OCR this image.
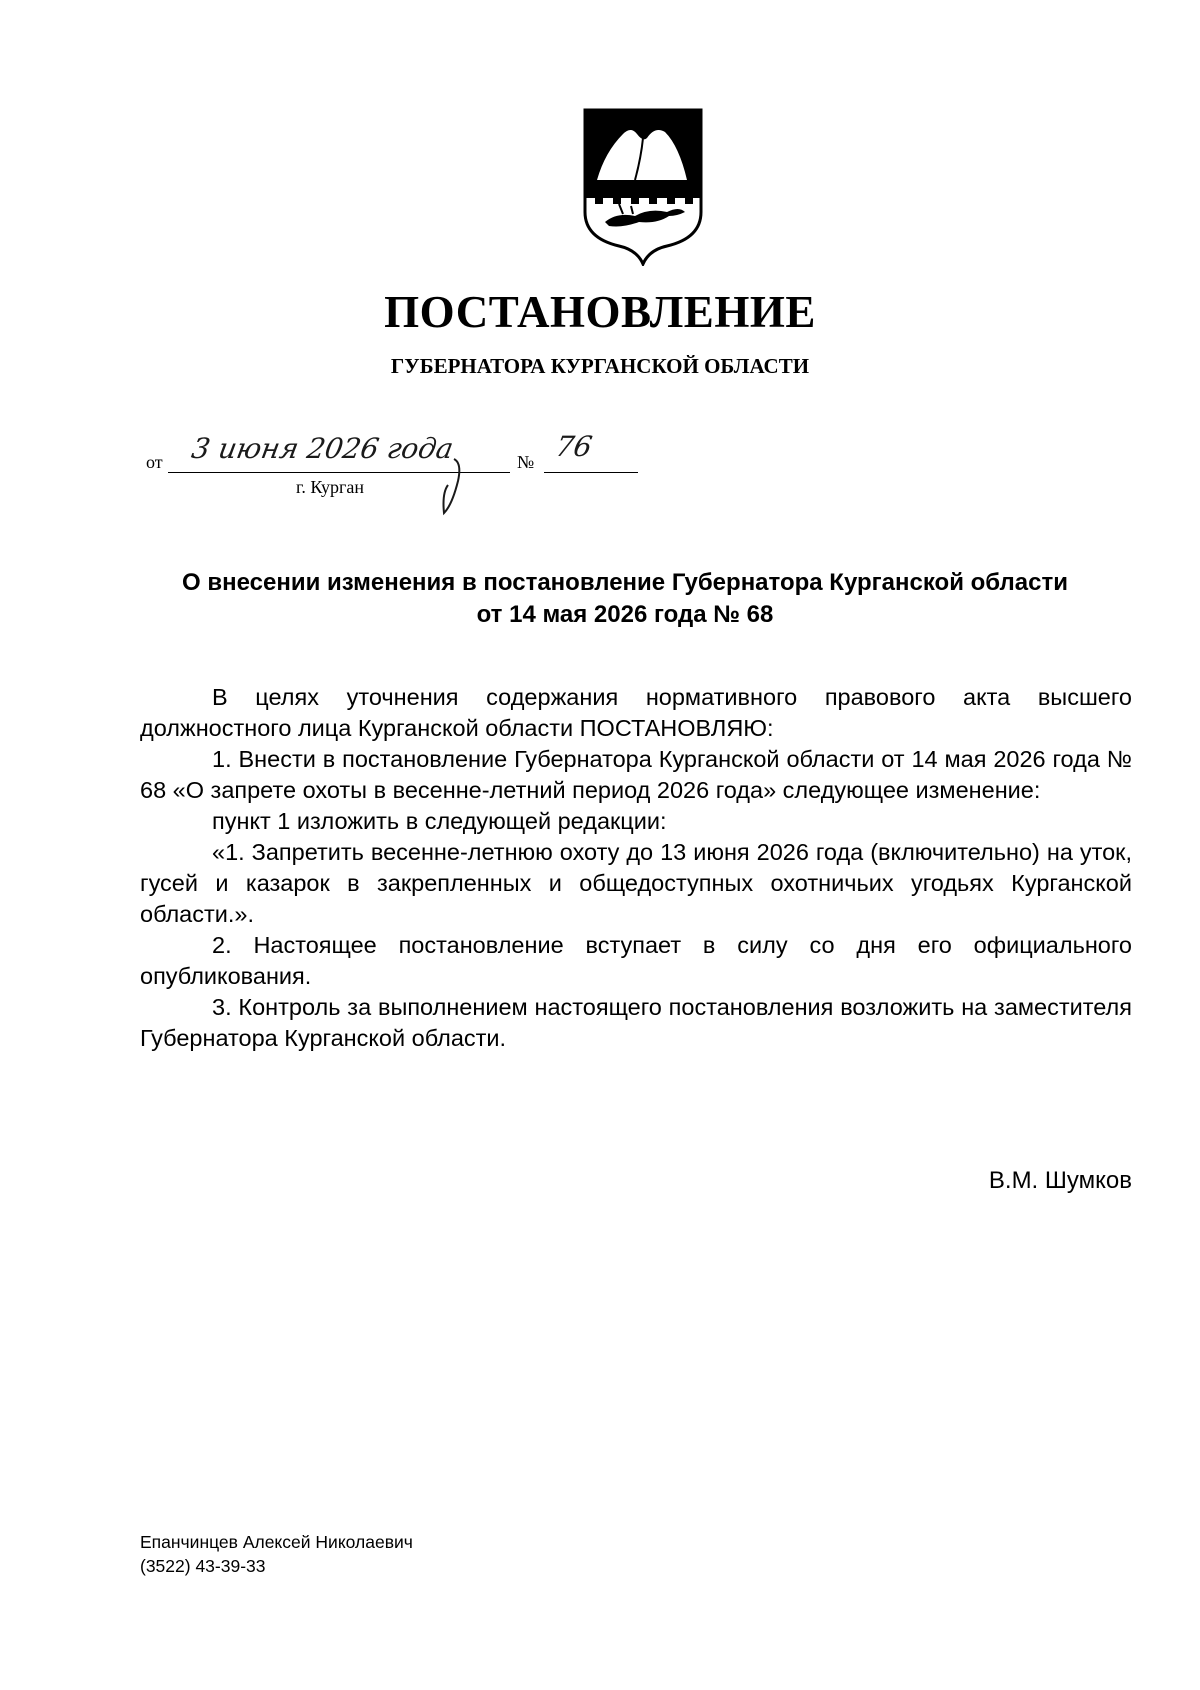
ПОСТАНОВЛЕНИЕ
ГУБЕРНАТОРА КУРГАНСКОЙ ОБЛАСТИ
от 3 июня 2026 года	№ 76
г. Курган
О внесении изменения в постановление Губернатора Курганской области
от 14 мая 2026 года № 68

В целях уточнения содержания нормативного правового акта высшего должностного лица Курганской области ПОСТАНОВЛЯЮ:

1. Внести в постановление Губернатора Курганской области от 14 мая 2026 года № 68 «О запрете охоты в весенне-летний период 2026 года» следующее изменение:

пункт 1 изложить в следующей редакции:

«1. Запретить весенне-летнюю охоту до 13 июня 2026 года (включительно) на уток, гусей и казарок в закрепленных и общедоступных охотничьих угодьях Курганской области.».

2. Настоящее постановление вступает в силу со дня его официального опубликования.

3. Контроль за выполнением настоящего постановления возложить на заместителя Губернатора Курганской области.

В.М. Шумков
Епанчинцев Алексей Николаевич
(3522) 43-39-33
